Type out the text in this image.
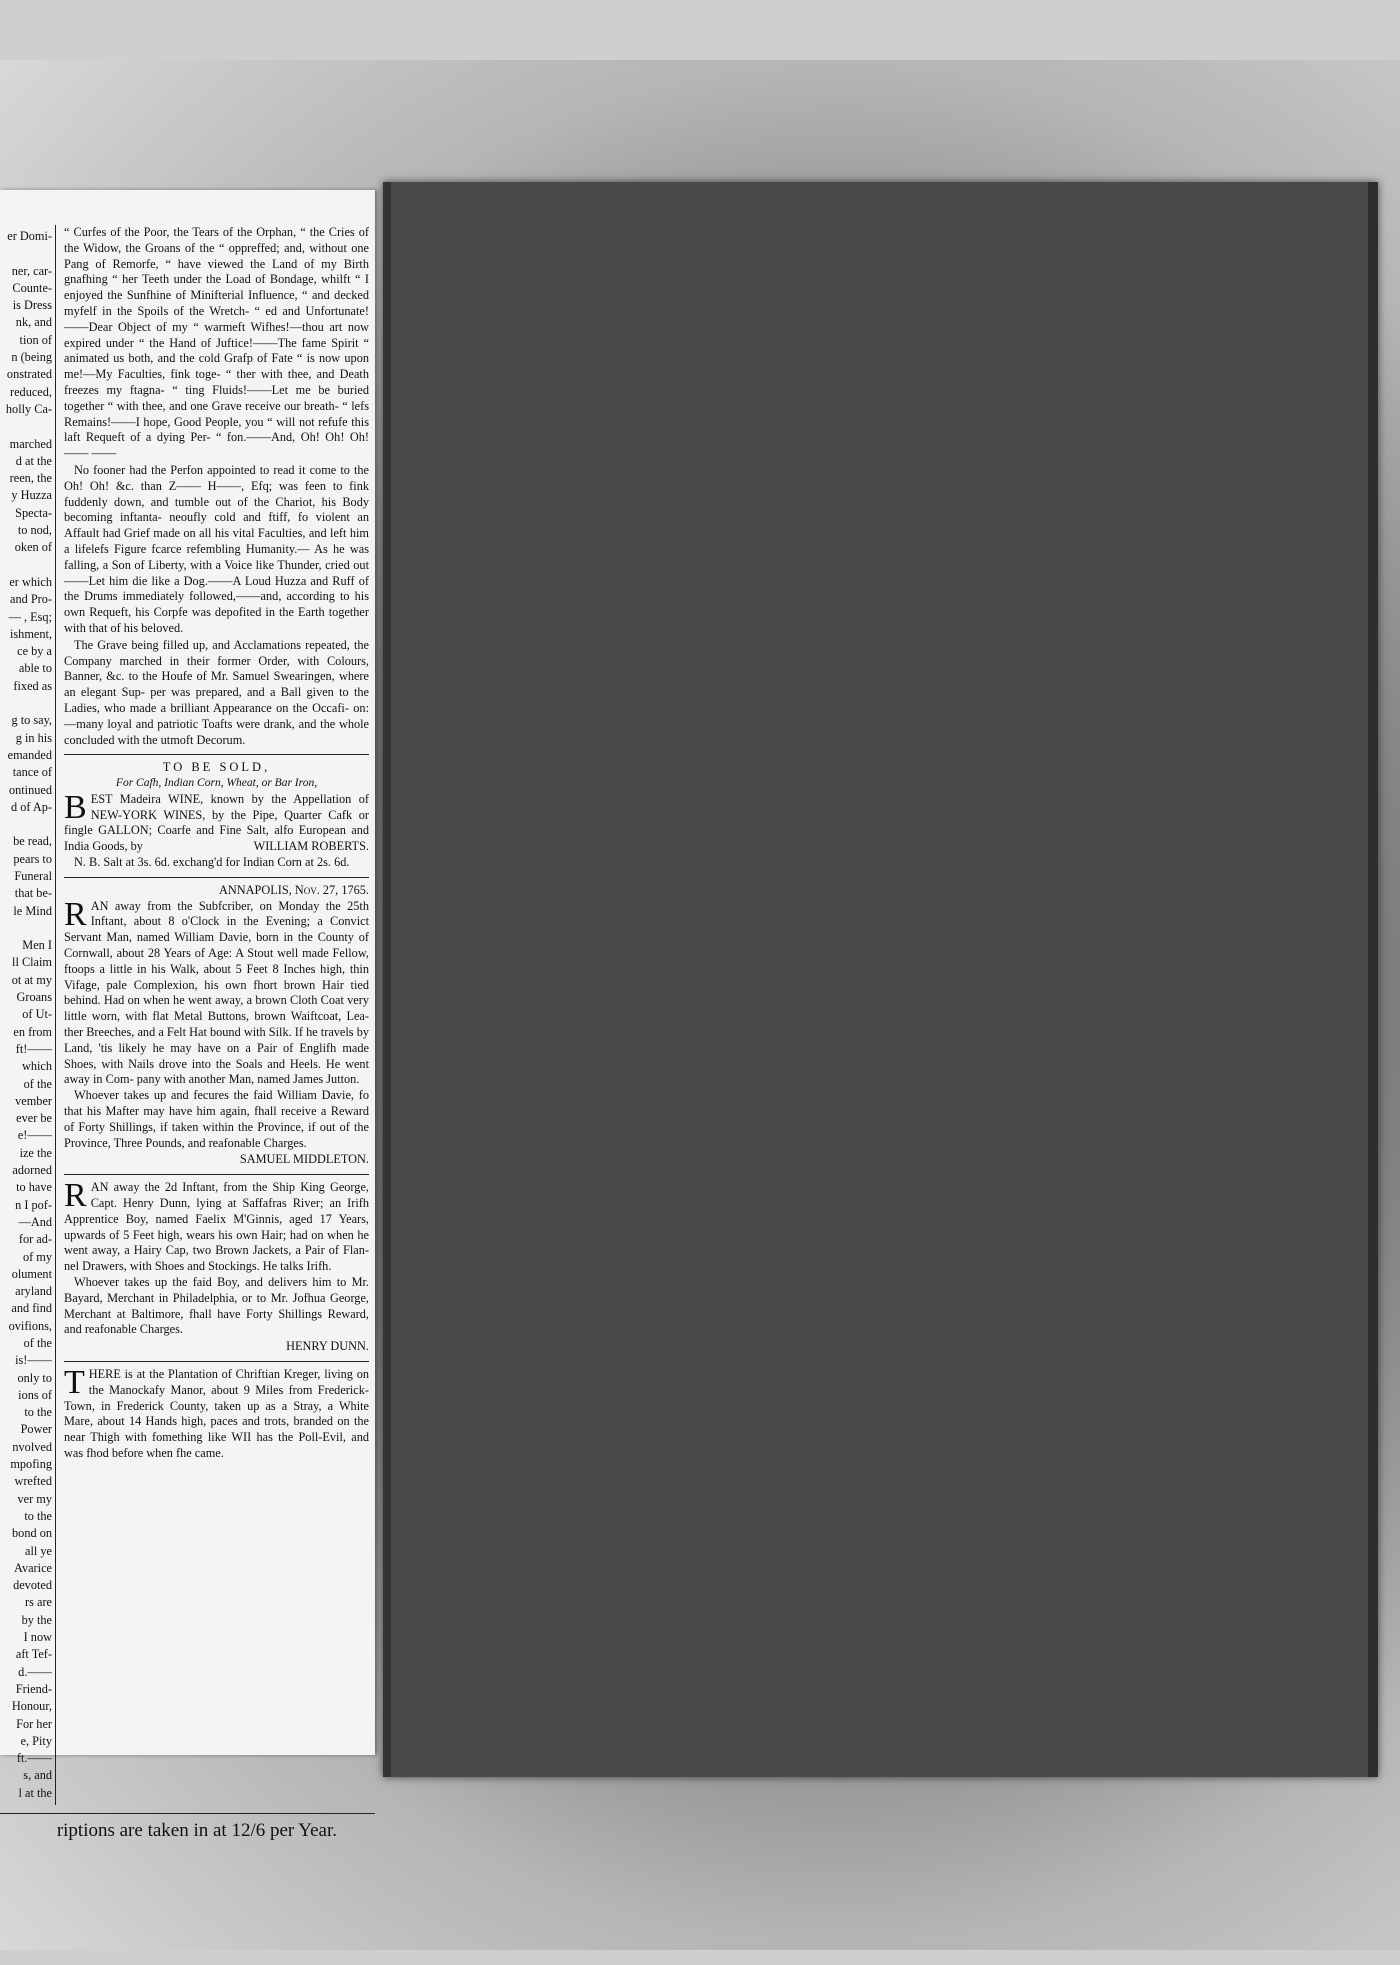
er Domi-
ner, car-
Counte-
is Dress
nk, and
tion of
n (being
onstrated
reduced,
holly Ca-
marched
d at the
reen, the
y Huzza
Specta-
to nod,
oken of
er which
and Pro-
— , Esq;
ishment,
ce by a
able to
fixed as
g to say,
g in his
emanded
tance of
ontinued
d of Ap-
be read,
pears to
Funeral
that be-
le Mind
Men I
ll Claim
ot at my
Groans
of Ut-
en from
ft!——
which
of the
vember
ever be
e!——
ize the
adorned
to have
n I pof-
—And
for ad-
of my
olument
aryland
and find
ovifions,
of the
is!——
only to
ions of
to the
Power
nvolved
mpofing
wrefted
ver my
to the
bond on
all ye
Avarice
devoted
rs are
by the
I now
aft Tef-
d.——
Friend-
Honour,
For her
e, Pity
ft.——
s, and
l at the

“ Curfes of the Poor, the Tears of the Orphan, “ the Cries of the Widow, the Groans of the “ oppreffed; and, without one Pang of Remorfe, “ have viewed the Land of my Birth gnafhing “ her Teeth under the Load of Bondage, whilft “ I enjoyed the Sunfhine of Minifterial Influence, “ and decked myfelf in the Spoils of the Wretch- “ ed and Unfortunate!——Dear Object of my “ warmeft Wifhes!—thou art now expired under “ the Hand of Juftice!——The fame Spirit “ animated us both, and the cold Grafp of Fate “ is now upon me!—My Faculties, fink toge- “ ther with thee, and Death freezes my ftagna- “ ting Fluids!——Let me be buried together “ with thee, and one Grave receive our breath- “ lefs Remains!——I hope, Good People, you “ will not refufe this laft Requeft of a dying Per- “ fon.——And, Oh! Oh! Oh!—— ——

No fooner had the Perfon appointed to read it come to the Oh! Oh! &c. than Z—— H——, Efq; was feen to fink fuddenly down, and tumble out of the Chariot, his Body becoming inftanta- neoufly cold and ftiff, fo violent an Affault had Grief made on all his vital Faculties, and left him a lifelefs Figure fcarce refembling Humanity.— As he was falling, a Son of Liberty, with a Voice like Thunder, cried out——Let him die like a Dog.——A Loud Huzza and Ruff of the Drums immediately followed,——and, according to his own Requeft, his Corpfe was depofited in the Earth together with that of his beloved.

The Grave being filled up, and Acclamations repeated, the Company marched in their former Order, with Colours, Banner, &c. to the Houfe of Mr. Samuel Swearingen, where an elegant Sup- per was prepared, and a Ball given to the Ladies, who made a brilliant Appearance on the Occafi- on:—many loyal and patriotic Toafts were drank, and the whole concluded with the utmoft Decorum.

TO BE SOLD,
For Cafh, Indian Corn, Wheat, or Bar Iron,
B EST Madeira WINE, known by the Appellation of NEW-YORK WINES, by the Pipe, Quarter Cafk or fingle GALLON; Coarfe and Fine Salt, alfo European and India Goods, by	WILLIAM ROBERTS.
N. B. Salt at 3s. 6d. exchang'd for Indian Corn at 2s. 6d.
ANNAPOLIS, Nov. 27, 1765.
R AN away from the Subfcriber, on Monday the 25th Inftant, about 8 o'Clock in the Evening; a Convict Servant Man, named William Davie, born in the County of Cornwall, about 28 Years of Age: A Stout well made Fellow, ftoops a little in his Walk, about 5 Feet 8 Inches high, thin Vifage, pale Complexion, his own fhort brown Hair tied behind. Had on when he went away, a brown Cloth Coat very little worn, with flat Metal Buttons, brown Waiftcoat, Lea- ther Breeches, and a Felt Hat bound with Silk. If he travels by Land, 'tis likely he may have on a Pair of Englifh made Shoes, with Nails drove into the Soals and Heels. He went away in Com- pany with another Man, named James Jutton.

Whoever takes up and fecures the faid William Davie, fo that his Mafter may have him again, fhall receive a Reward of Forty Shillings, if taken within the Province, if out of the Province, Three Pounds, and reafonable Charges.

SAMUEL MIDDLETON.
R AN away the 2d Inftant, from the Ship King George, Capt. Henry Dunn, lying at Saffafras River; an Irifh Apprentice Boy, named Faelix M'Ginnis, aged 17 Years, upwards of 5 Feet high, wears his own Hair; had on when he went away, a Hairy Cap, two Brown Jackets, a Pair of Flan- nel Drawers, with Shoes and Stockings. He talks Irifh.

Whoever takes up the faid Boy, and delivers him to Mr. Bayard, Merchant in Philadelphia, or to Mr. Jofhua George, Merchant at Baltimore, fhall have Forty Shillings Reward, and reafonable Charges.

HENRY DUNN.
T HERE is at the Plantation of Chriftian Kreger, living on the Manockafy Manor, about 9 Miles from Frederick-Town, in Frederick County, taken up as a Stray, a White Mare, about 14 Hands high, paces and trots, branded on the near Thigh with fomething like WII has the Poll-Evil, and was fhod before when fhe came.
riptions are taken in at 12/6 per Year.
